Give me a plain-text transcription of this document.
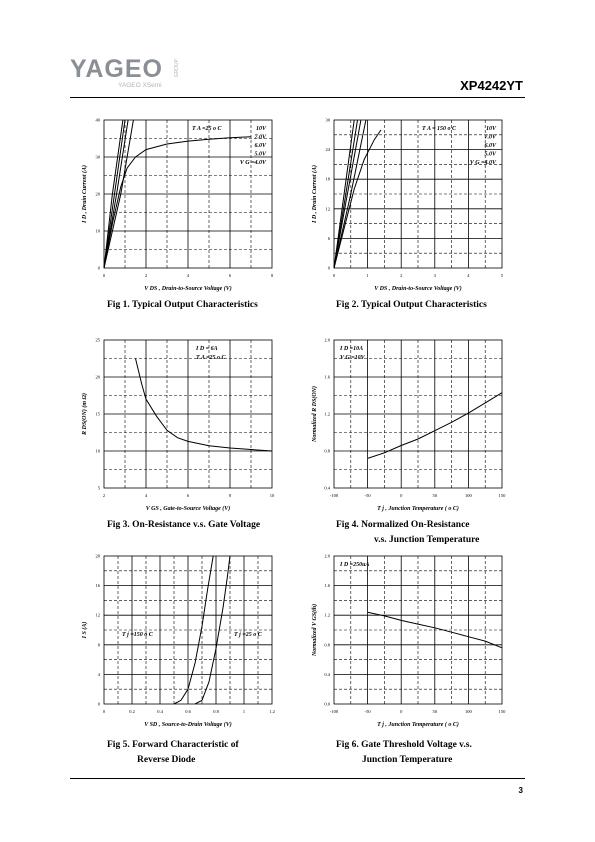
YAGEO
YAGEO XSemi
GROUP
XP4242YT
0	2	4	6	8
0
10
20
30
40
V DS , Drain-to-Source Voltage (V)
I D , Drain Current (A)
T A =25 o C	10V
7.0V
6.0V
5.0V
V G =4.0V
0	1	2	3	4	5
0
6
12
18
24
30
V DS , Drain-to-Source Voltage (V)
I D , Drain Current (A)
T A = 150 o C	10V
7.0V
6.0V
5.0V
V G =4.0V
2	4	6	8	10
5
10
15
20
25
V GS , Gate-to-Source Voltage (V)
R DS(ON) (m Ω)
I D = 6A
T A =25 o C
-100	-50	0	50	100	150
0.4
0.8
1.2
1.6
2.0
T j , Junction Temperature ( o C)
Normalized R DS(ON)
I D =10A
V G =10V
0	0.2	0.4	0.6	0.8	1	1.2
0
4
8
12
16
20
V SD , Source-to-Drain Voltage (V)
I S (A)	T j =150 o C	T j =25 o C
-100	-50	0	50	100	150
0.0
0.4
0.8
1.2
1.6
2.0
T j , Junction Temperature ( o C)
Normalized V GS(th)
I D =250uA
Fig 1. Typical Output Characteristics	Fig 2. Typical Output Characteristics
Fig 3. On-Resistance v.s. Gate Voltage	Fig 4. Normalized On-Resistance
v.s. Junction Temperature
Fig 5. Forward Characteristic of
Reverse Diode
Fig 6. Gate Threshold Voltage v.s.
Junction Temperature
3
